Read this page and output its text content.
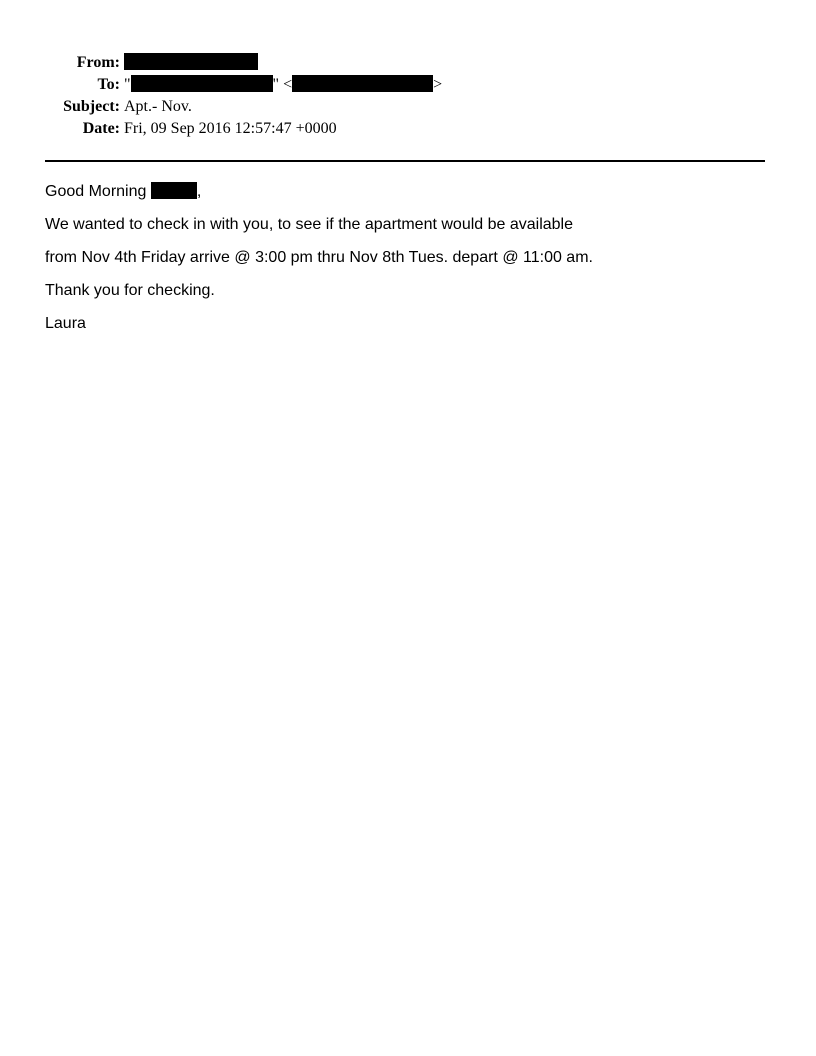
From:
To: "	" <	>
Subject: Apt.- Nov.
Date: Fri, 09 Sep 2016 12:57:47 +0000
Good Morning	,
We wanted to check in with you, to see if the apartment would be available
from Nov 4th Friday arrive @ 3:00 pm thru Nov 8th Tues. depart @ 11:00 am.
Thank you for checking.
Laura
